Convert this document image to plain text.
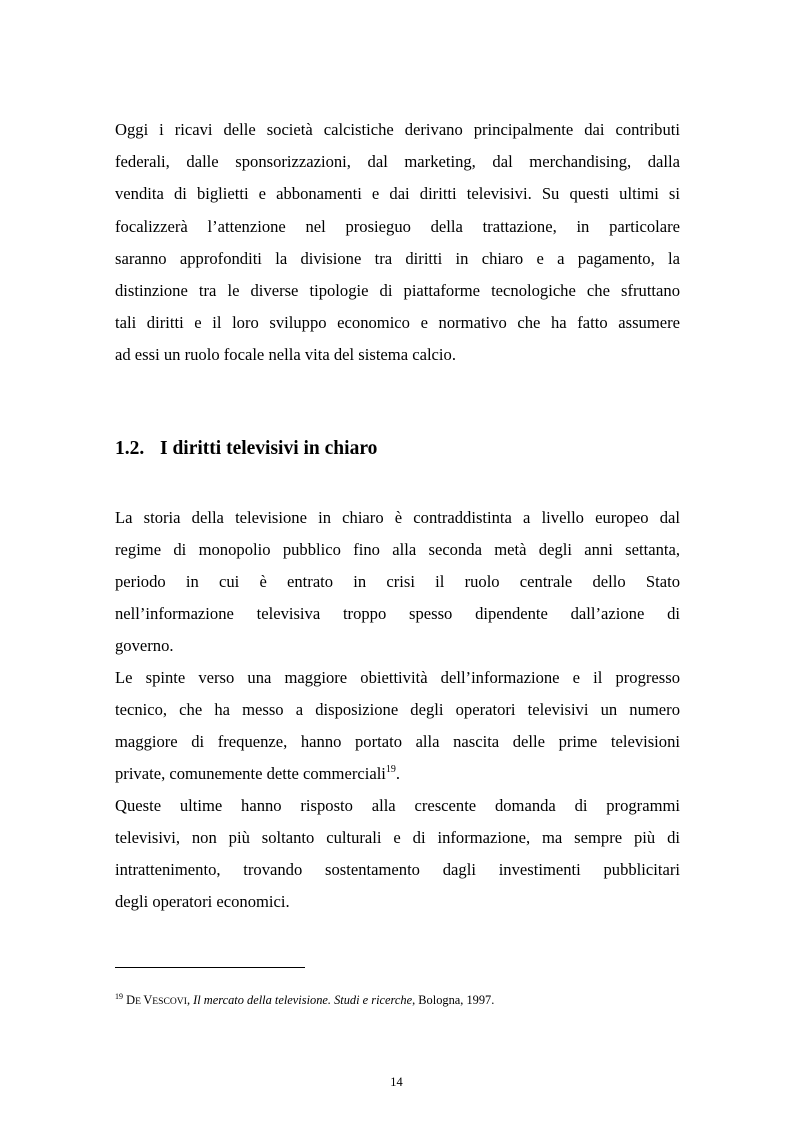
Oggi i ricavi delle società calcistiche derivano principalmente dai contributi
federali, dalle sponsorizzazioni, dal marketing, dal merchandising, dalla
vendita di biglietti e abbonamenti e dai diritti televisivi. Su questi ultimi si
focalizzerà l’attenzione nel prosieguo della trattazione, in particolare
saranno approfonditi la divisione tra diritti in chiaro e a pagamento, la
distinzione tra le diverse tipologie di piattaforme tecnologiche che sfruttano
tali diritti e il loro sviluppo economico e normativo che ha fatto assumere
ad essi un ruolo focale nella vita del sistema calcio.
1.2. I diritti televisivi in chiaro
La storia della televisione in chiaro è contraddistinta a livello europeo dal
regime di monopolio pubblico fino alla seconda metà degli anni settanta,
periodo in cui è entrato in crisi il ruolo centrale dello Stato
nell’informazione televisiva troppo spesso dipendente dall’azione di
governo.
Le spinte verso una maggiore obiettività dell’informazione e il progresso
tecnico, che ha messo a disposizione degli operatori televisivi un numero
maggiore di frequenze, hanno portato alla nascita delle prime televisioni
private, comunemente dette commerciali$^{19}$.
Queste ultime hanno risposto alla crescente domanda di programmi
televisivi, non più soltanto culturali e di informazione, ma sempre più di
intrattenimento, trovando sostentamento dagli investimenti pubblicitari
degli operatori economici.
$^{19}$ DE VESCOVI, Il mercato della televisione. Studi e ricerche, Bologna, 1997.
14
